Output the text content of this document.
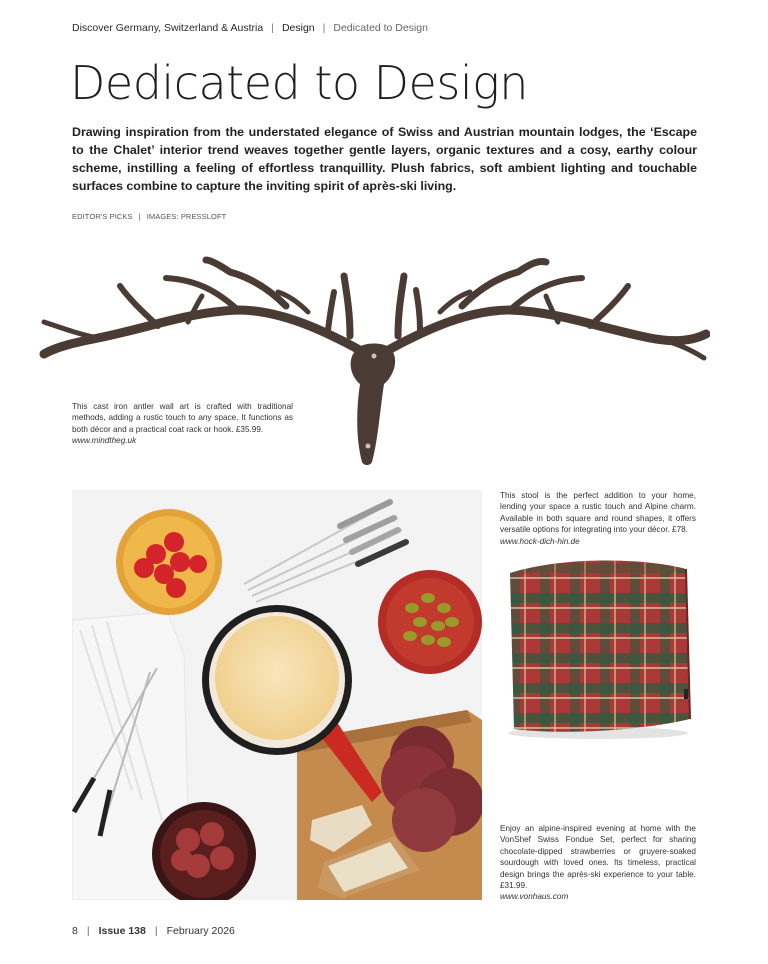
Discover Germany, Switzerland & Austria | Design | Dedicated to Design
Dedicated to Design

Drawing inspiration from the understated elegance of Swiss and Austrian mountain lodges, the ‘Escape to the Chalet’ interior trend weaves together gentle layers, organic textures and a cosy, earthy colour scheme, instilling a feeling of effortless tranquillity. Plush fabrics, soft ambient lighting and touchable surfaces combine to capture the inviting spirit of après-ski living.

EDITOR'S PICKS | IMAGES: PRESSLOFT
This cast iron antler wall art is crafted with traditional methods, adding a rustic touch to any space. It functions as both décor and a practical coat rack or hook. £35.99.
www.mindtheg.uk
This stool is the perfect addition to your home, lending your space a rustic touch and Alpine charm. Available in both square and round shapes, it offers versatile options for integrating into your décor. £78.
www.hock-dich-hin.de
Enjoy an alpine-inspired evening at home with the VonShef Swiss Fondue Set, perfect for sharing chocolate-dipped strawberries or gruyere-soaked sourdough with loved ones. Its timeless, practical design brings the après-ski experience to your table. £31.99.
www.vonhaus.com
8 | Issue 138 | February 2026
